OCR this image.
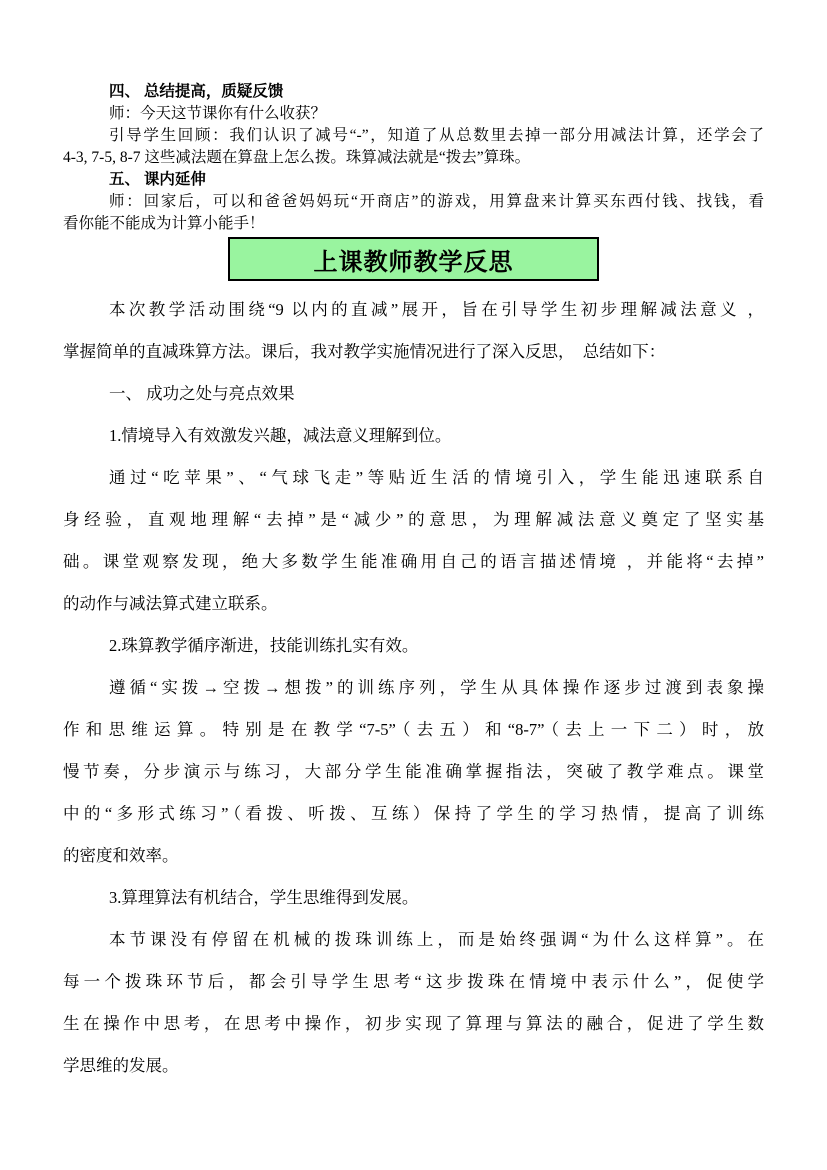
四、 总结提高，质疑反馈

师：今天这节课你有什么收获？

引导学生回顾：我们认识了减号“-”，知道了从总数里去掉一部分用减法计算，还学会了

4-3, 7-5, 8-7 这些减法题在算盘上怎么拨。珠算减法就是“拨去”算珠。

五、 课内延伸

师：回家后，可以和爸爸妈妈玩“开商店”的游戏，用算盘来计算买东西付钱、找钱，看

看你能不能成为计算小能手！

上课教师教学反思

本次教学活动围绕“9 以内的直减”展开，旨在引导学生初步理解减法意义 ，

掌握简单的直减珠算方法。课后，我对教学实施情况进行了深入反思，　总结如下：

一、 成功之处与亮点效果

1.情境导入有效激发兴趣，减法意义理解到位。

通过“吃苹果”、“气球飞走”等贴近生活的情境引入，学生能迅速联系自

身经验，直观地理解“去掉”是“减少”的意思，为理解减法意义奠定了坚实基

础。课堂观察发现，绝大多数学生能准确用自己的语言描述情境 ，并能将“去掉”

的动作与减法算式建立联系。

2.珠算教学循序渐进，技能训练扎实有效。

遵循“实拨→空拨→想拨”的训练序列，学生从具体操作逐步过渡到表象操

作和思维运算。特别是在教学“7-5”（去五）和“8-7”（去上一下二）时，放

慢节奏，分步演示与练习，大部分学生能准确掌握指法，突破了教学难点。课堂

中的“多形式练习”（看拨、听拨、互练）保持了学生的学习热情，提高了训练

的密度和效率。

3.算理算法有机结合，学生思维得到发展。

本节课没有停留在机械的拨珠训练上，而是始终强调“为什么这样算”。在

每一个拨珠环节后，都会引导学生思考“这步拨珠在情境中表示什么”，促使学

生在操作中思考，在思考中操作，初步实现了算理与算法的融合，促进了学生数

学思维的发展。
